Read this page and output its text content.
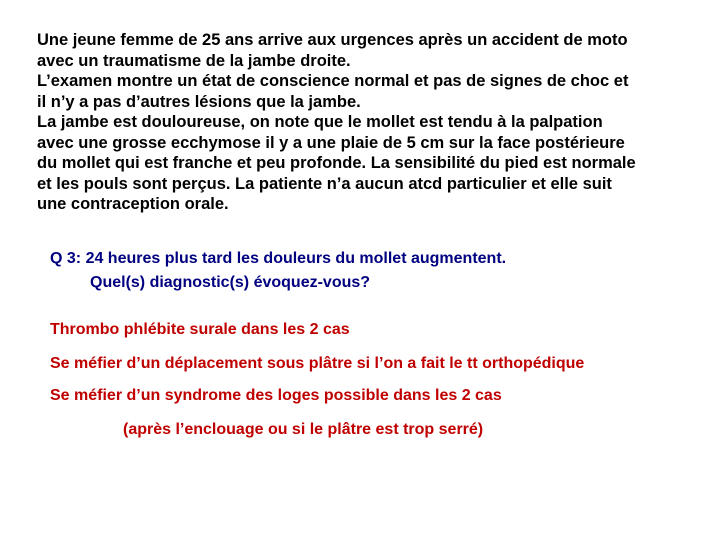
Une jeune femme de 25 ans arrive aux urgences après un accident de moto
avec un traumatisme de la jambe droite.
L’examen montre un état de conscience normal et pas de signes de choc et
il n’y a pas d’autres lésions que la jambe.
La jambe est douloureuse, on note que le mollet est tendu à la palpation
avec une grosse ecchymose il y a une plaie de 5 cm sur la face postérieure
du mollet qui est franche et peu profonde. La sensibilité du pied est normale
et les pouls sont perçus. La patiente n’a aucun atcd particulier et elle suit
une contraception orale.
Q 3: 24 heures plus tard les douleurs du mollet augmentent.
Quel(s) diagnostic(s) évoquez-vous?
Thrombo phlébite surale dans les 2 cas
Se méfier d’un déplacement sous plâtre si l’on a fait le tt orthopédique
Se méfier d’un syndrome des loges possible dans les 2 cas
(après l’enclouage ou si le plâtre est trop serré)
